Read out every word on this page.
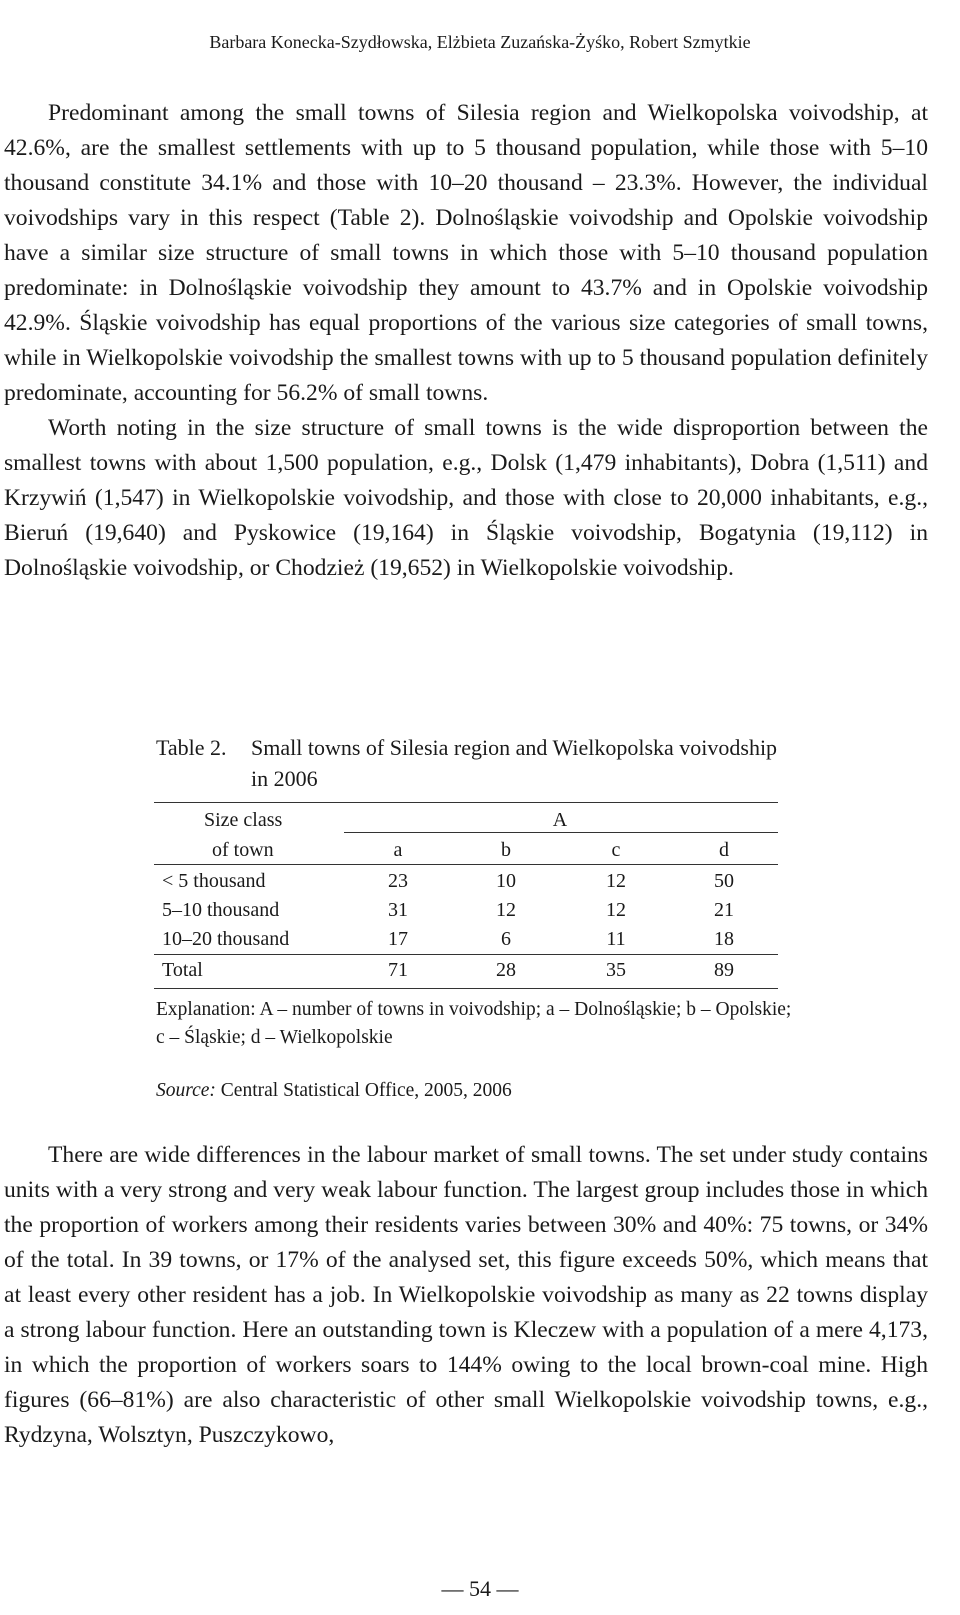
Barbara Konecka-Szydłowska, Elżbieta Zuzańska-Żyśko, Robert Szmytkie

Predominant among the small towns of Silesia region and Wielkopolska voivodship, at 42.6%, are the smallest settlements with up to 5 thousand population, while those with 5–10 thousand constitute 34.1% and those with 10–20 thousand – 23.3%. However, the individual voivodships vary in this respect (Table 2). Dolnośląskie voivodship and Opolskie voivodship have a similar size structure of small towns in which those with 5–10 thousand population predominate: in Dolnośląskie voivodship they amount to 43.7% and in Opolskie voivodship 42.9%. Śląskie voivodship has equal proportions of the various size categories of small towns, while in Wielkopolskie voivodship the smallest towns with up to 5 thousand population definitely predominate, accounting for 56.2% of small towns.

Worth noting in the size structure of small towns is the wide disproportion between the smallest towns with about 1,500 population, e.g., Dolsk (1,479 inhabitants), Dobra (1,511) and Krzywiń (1,547) in Wielkopolskie voivodship, and those with close to 20,000 inhabitants, e.g., Bieruń (19,640) and Pyskowice (19,164) in Śląskie voivodship, Bogatynia (19,112) in Dolnośląskie voivodship, or Chodzież (19,652) in Wielkopolskie voivodship.

Table 2. Small towns of Silesia region and Wielkopolska voivodship in 2006
Size class
of town
A
a	b	c	d
< 5 thousand	23	10	12	50
5–10 thousand	31	12	12	21
10–20 thousand	17	6	11	18
Total	71	28	35	89
Explanation: A – number of towns in voivodship; a – Dolnośląskie; b – Opolskie; c – Śląskie; d – Wielkopolskie
Source: Central Statistical Office, 2005, 2006

There are wide differences in the labour market of small towns. The set under study contains units with a very strong and very weak labour function. The largest group includes those in which the proportion of workers among their residents varies between 30% and 40%: 75 towns, or 34% of the total. In 39 towns, or 17% of the analysed set, this figure exceeds 50%, which means that at least every other resident has a job. In Wielkopolskie voivodship as many as 22 towns display a strong labour function. Here an outstanding town is Kleczew with a population of a mere 4,173, in which the proportion of workers soars to 144% owing to the local brown-coal mine. High figures (66–81%) are also characteristic of other small Wielkopolskie voivodship towns, e.g., Rydzyna, Wolsztyn, Puszczykowo,

— 54 —
